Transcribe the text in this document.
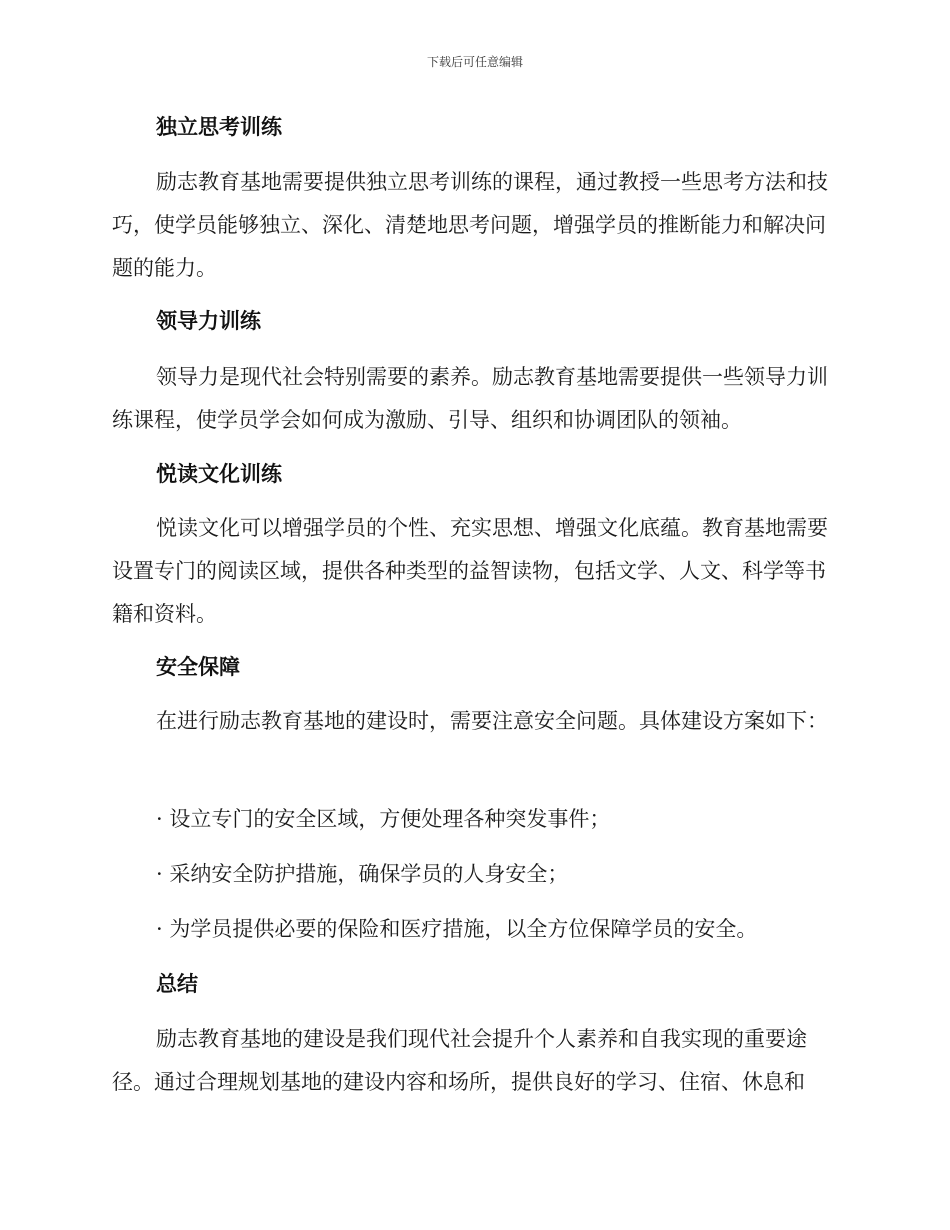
下载后可任意编辑
独立思考训练

励志教育基地需要提供独立思考训练的课程，通过教授一些思考方法和技巧，使学员能够独立、深化、清楚地思考问题，增强学员的推断能力和解决问题的能力。

领导力训练

领导力是现代社会特别需要的素养。励志教育基地需要提供一些领导力训练课程，使学员学会如何成为激励、引导、组织和协调团队的领袖。

悦读文化训练

悦读文化可以增强学员的个性、充实思想、增强文化底蕴。教育基地需要设置专门的阅读区域，提供各种类型的益智读物，包括文学、人文、科学等书籍和资料。

安全保障

在进行励志教育基地的建设时，需要注意安全问题。具体建设方案如下：

· 设立专门的安全区域，方便处理各种突发事件；
· 采纳安全防护措施，确保学员的人身安全；
· 为学员提供必要的保险和医疗措施，以全方位保障学员的安全。
总结

励志教育基地的建设是我们现代社会提升个人素养和自我实现的重要途径。通过合理规划基地的建设内容和场所，提供良好的学习、住宿、休息和
